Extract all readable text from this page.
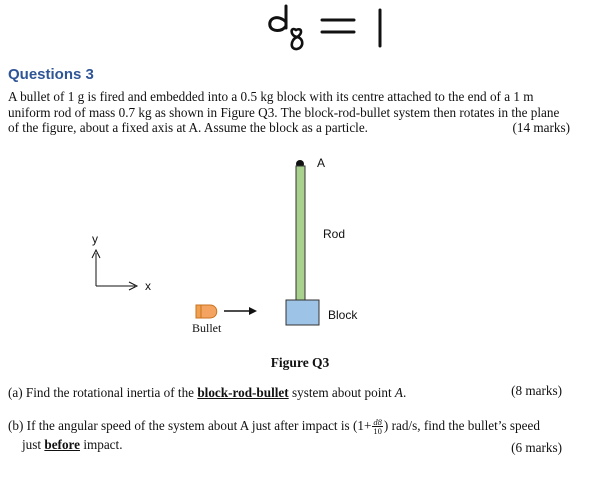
Questions 3
A bullet of 1 g is fired and embedded into a 0.5 kg block with its centre attached to the end of a 1 m uniform rod of mass 0.7 kg as shown in Figure Q3. The block-rod-bullet system then rotates in the plane of the figure, about a fixed axis at A. Assume the block as a particle.	(14 marks)
A
Rod
Block
y
x
Bullet
Figure Q3
(a) Find the rotational inertia of the block-rod-bullet system about point A.	(8 marks)
(b) If the angular speed of the system about A just after impact is ($1+ \frac{d8}{10}$ ) rad/s, find the bullet’s speed
just before impact.	(6 marks)
